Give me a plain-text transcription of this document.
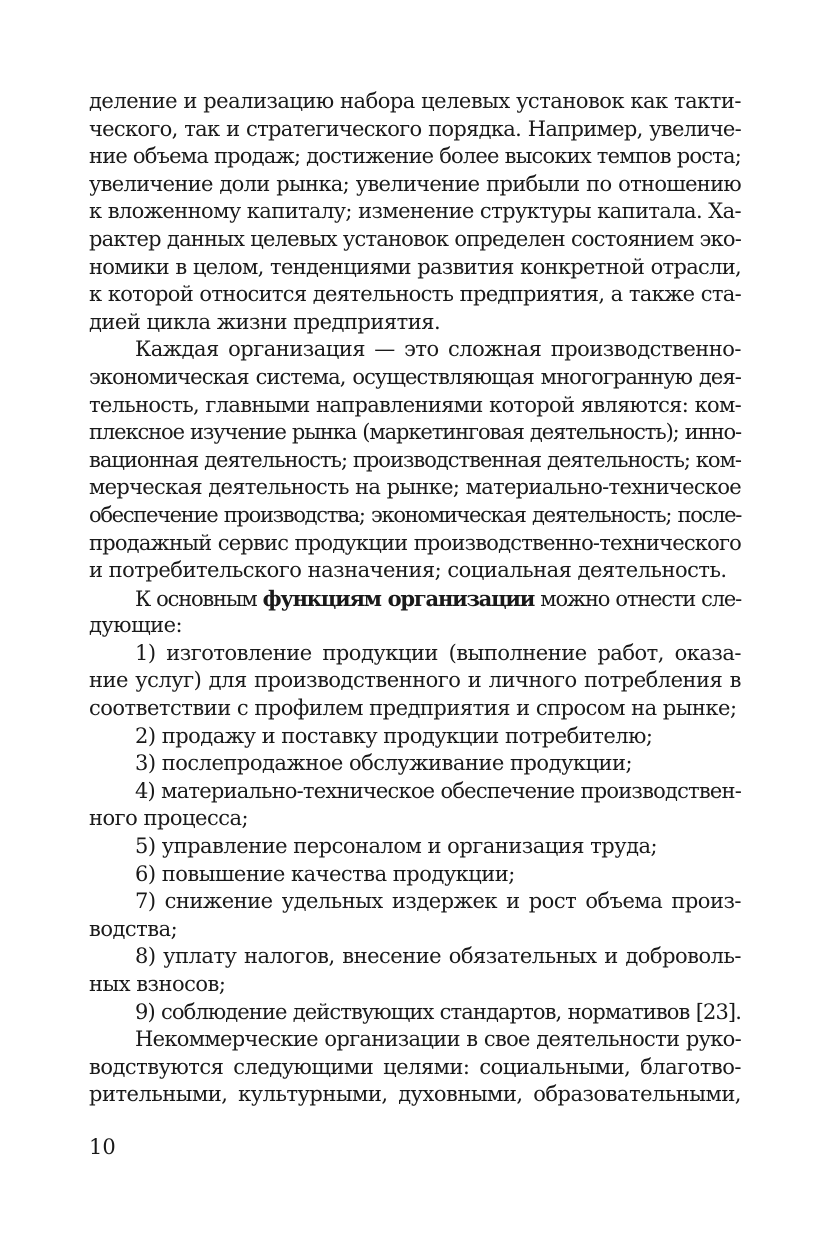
деление и реализацию набора целевых установок как такти-
ческого, так и стратегического порядка. Например, увеличе-
ние объема продаж; достижение более высоких темпов роста;
увеличение доли рынка; увеличение прибыли по отношению
к вложенному капиталу; изменение структуры капитала. Ха-
рактер данных целевых установок определен состоянием эко-
номики в целом, тенденциями развития конкретной отрасли,
к которой относится деятельность предприятия, а также ста-
дией цикла жизни предприятия.
Каждая организация — это сложная производственно-
экономическая система, осуществляющая многогранную дея-
тельность, главными направлениями которой являются: ком-
плексное изучение рынка (маркетинговая деятельность); инно-
вационная деятельность; производственная деятельность; ком-
мерческая деятельность на рынке; материально-техническое
обеспечение производства; экономическая деятельность; после-
продажный сервис продукции производственно-технического
и потребительского назначения; социальная деятельность.
К основным функциям организации можно отнести сле-
дующие:
1) изготовление продукции (выполнение работ, оказа-
ние услуг) для производственного и личного потребления в
соответствии с профилем предприятия и спросом на рынке;
2) продажу и поставку продукции потребителю;
3) послепродажное обслуживание продукции;
4) материально-техническое обеспечение производствен-
ного процесса;
5) управление персоналом и организация труда;
6) повышение качества продукции;
7) снижение удельных издержек и рост объема произ-
водства;
8) уплату налогов, внесение обязательных и доброволь-
ных взносов;
9) соблюдение действующих стандартов, нормативов [23].
Некоммерческие организации в свое деятельности руко-
водствуются следующими целями: социальными, благотво-
рительными, культурными, духовными, образовательными,
10
